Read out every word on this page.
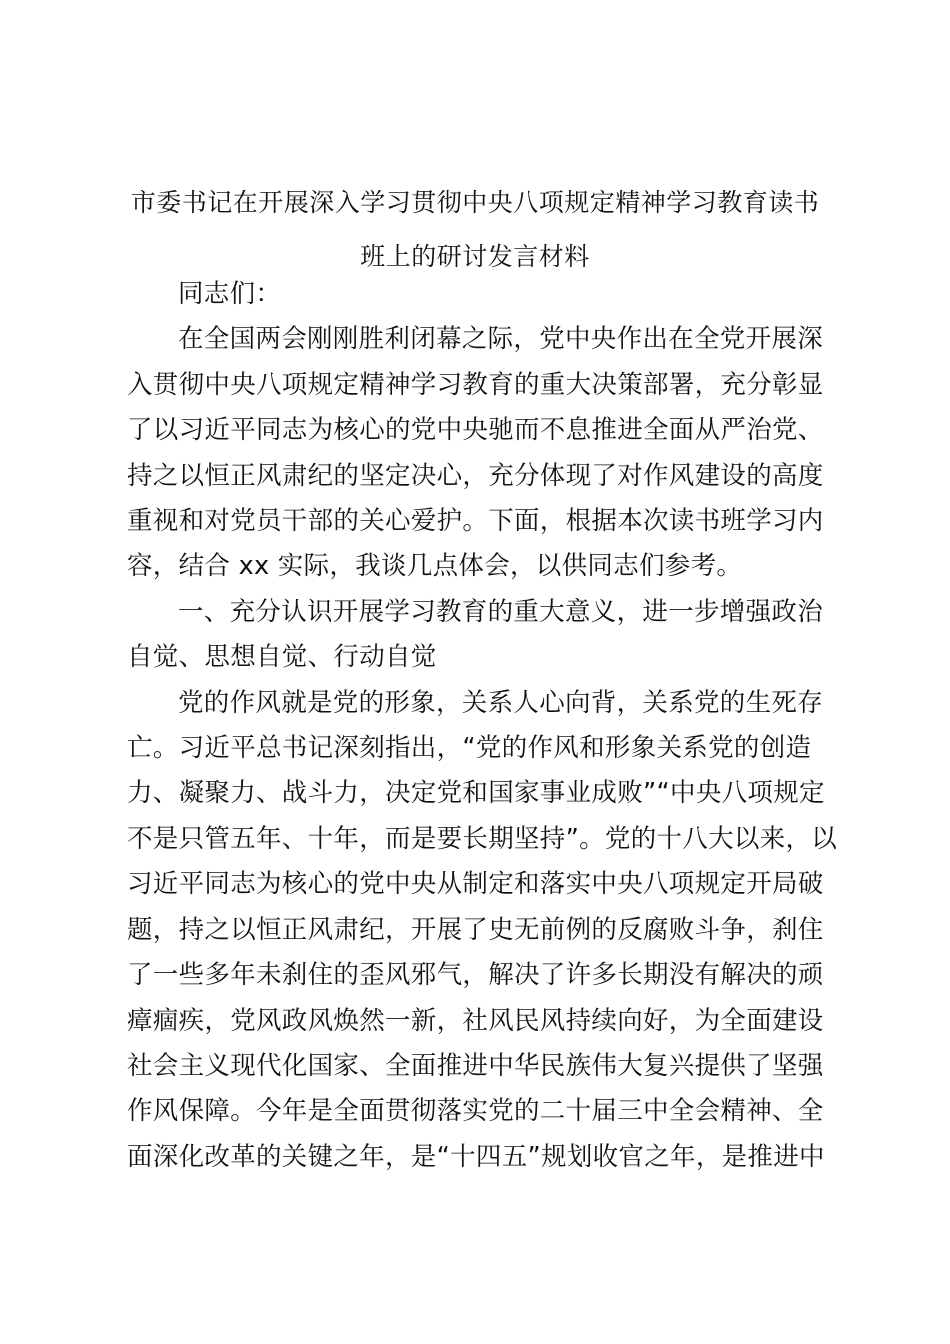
市委书记在开展深入学习贯彻中央八项规定精神学习教育读书
班上的研讨发言材料
同志们：
在全国两会刚刚胜利闭幕之际，党中央作出在全党开展深
入贯彻中央八项规定精神学习教育的重大决策部署，充分彰显
了以习近平同志为核心的党中央驰而不息推进全面从严治党、
持之以恒正风肃纪的坚定决心，充分体现了对作风建设的高度
重视和对党员干部的关心爱护。下面，根据本次读书班学习内
容，结合 xx 实际，我谈几点体会，以供同志们参考。
一、充分认识开展学习教育的重大意义，进一步增强政治
自觉、思想自觉、行动自觉
党的作风就是党的形象，关系人心向背，关系党的生死存
亡。习近平总书记深刻指出，“党的作风和形象关系党的创造
力、凝聚力、战斗力，决定党和国家事业成败”“中央八项规定
不是只管五年、十年，而是要长期坚持”。党的十八大以来，以
习近平同志为核心的党中央从制定和落实中央八项规定开局破
题，持之以恒正风肃纪，开展了史无前例的反腐败斗争，刹住
了一些多年未刹住的歪风邪气，解决了许多长期没有解决的顽
瘴痼疾，党风政风焕然一新，社风民风持续向好，为全面建设
社会主义现代化国家、全面推进中华民族伟大复兴提供了坚强
作风保障。今年是全面贯彻落实党的二十届三中全会精神、全
面深化改革的关键之年，是“十四五”规划收官之年，是推进中
